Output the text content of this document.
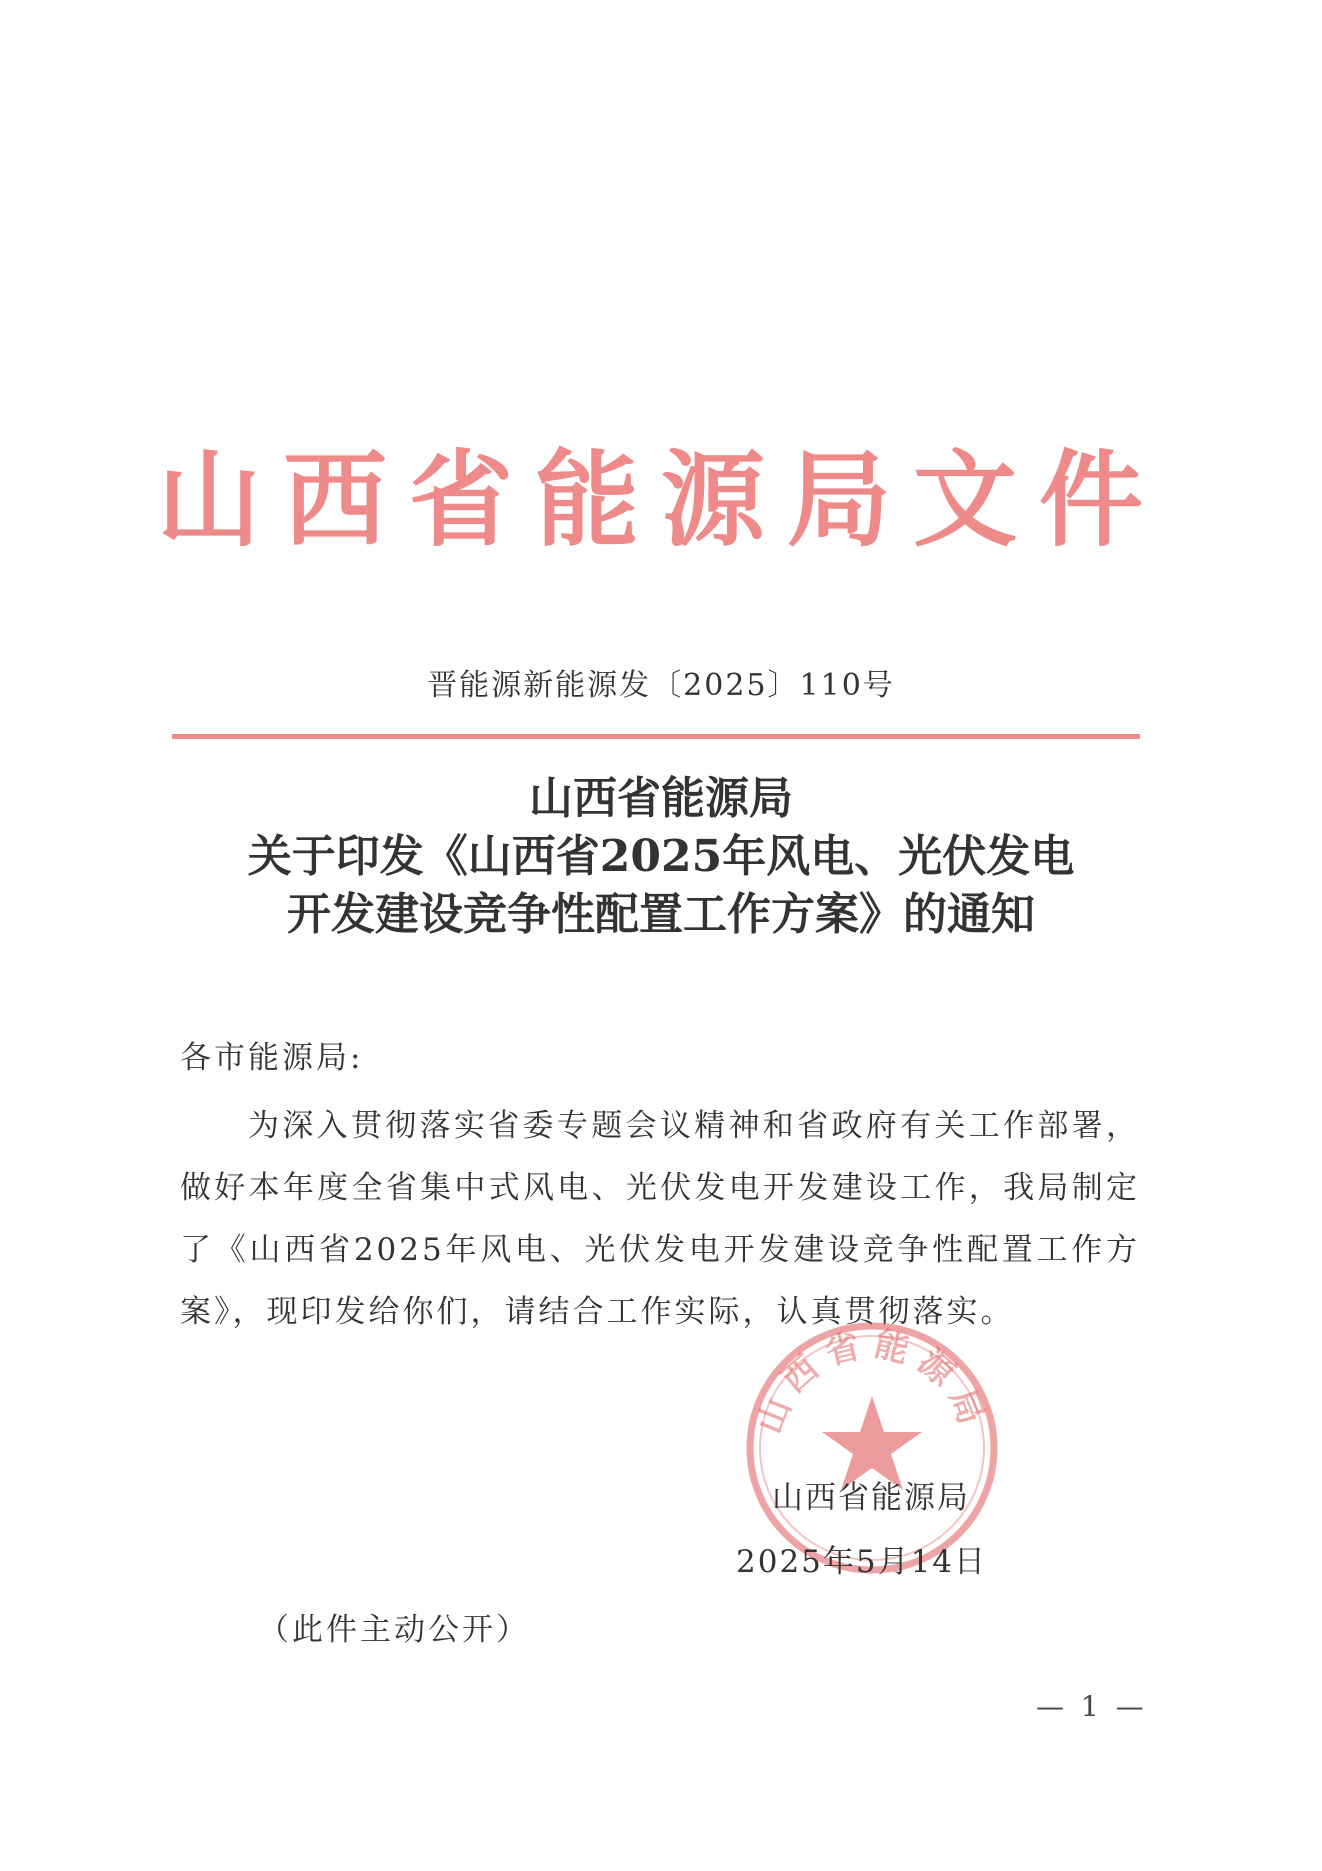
山西省能源局文件
晋能源新能源发〔2025〕110号
山西省能源局
关于印发《山西省2025年风电、光伏发电
开发建设竞争性配置工作方案》的通知
各市能源局:
为深入贯彻落实省委专题会议精神和省政府有关工作部署，做好本年度全省集中式风电、光伏发电开发建设工作，我局制定了《山西省2025年风电、光伏发电开发建设竞争性配置工作方案》，现印发给你们，请结合工作实际，认真贯彻落实。
山西省能源局
山西省能源局
2025年5月14日
（此件主动公开）
— 1 —
